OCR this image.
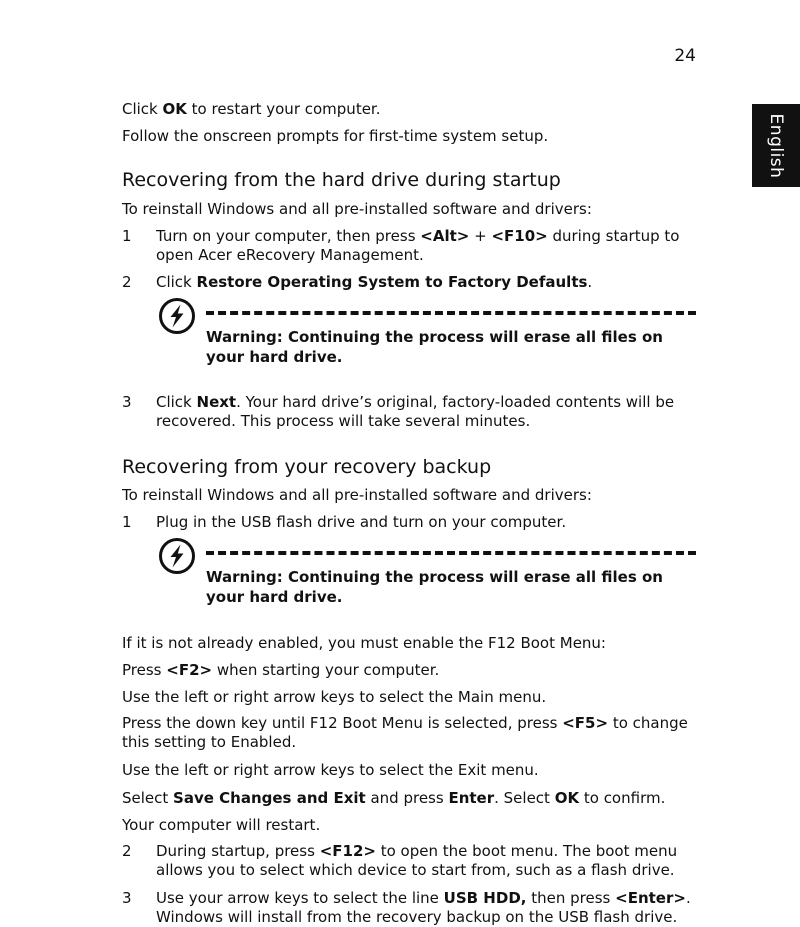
24
English
Click OK to restart your computer.
Follow the onscreen prompts for first-time system setup.
Recovering from the hard drive during startup
To reinstall Windows and all pre-installed software and drivers:
1 Turn on your computer, then press <Alt> + <F10> during startup to open Acer eRecovery Management.
2 Click Restore Operating System to Factory Defaults.
Warning: Continuing the process will erase all files on your hard drive.
3 Click Next. Your hard drive’s original, factory-loaded contents will be recovered. This process will take several minutes.
Recovering from your recovery backup
To reinstall Windows and all pre-installed software and drivers:
1 Plug in the USB flash drive and turn on your computer.
Warning: Continuing the process will erase all files on your hard drive.
If it is not already enabled, you must enable the F12 Boot Menu:
Press <F2> when starting your computer.
Use the left or right arrow keys to select the Main menu.
Press the down key until F12 Boot Menu is selected, press <F5> to change this setting to Enabled.
Use the left or right arrow keys to select the Exit menu.
Select Save Changes and Exit and press Enter. Select OK to confirm.
Your computer will restart.
2 During startup, press <F12> to open the boot menu. The boot menu allows you to select which device to start from, such as a flash drive.
3 Use your arrow keys to select the line USB HDD, then press <Enter>. Windows will install from the recovery backup on the USB flash drive.
